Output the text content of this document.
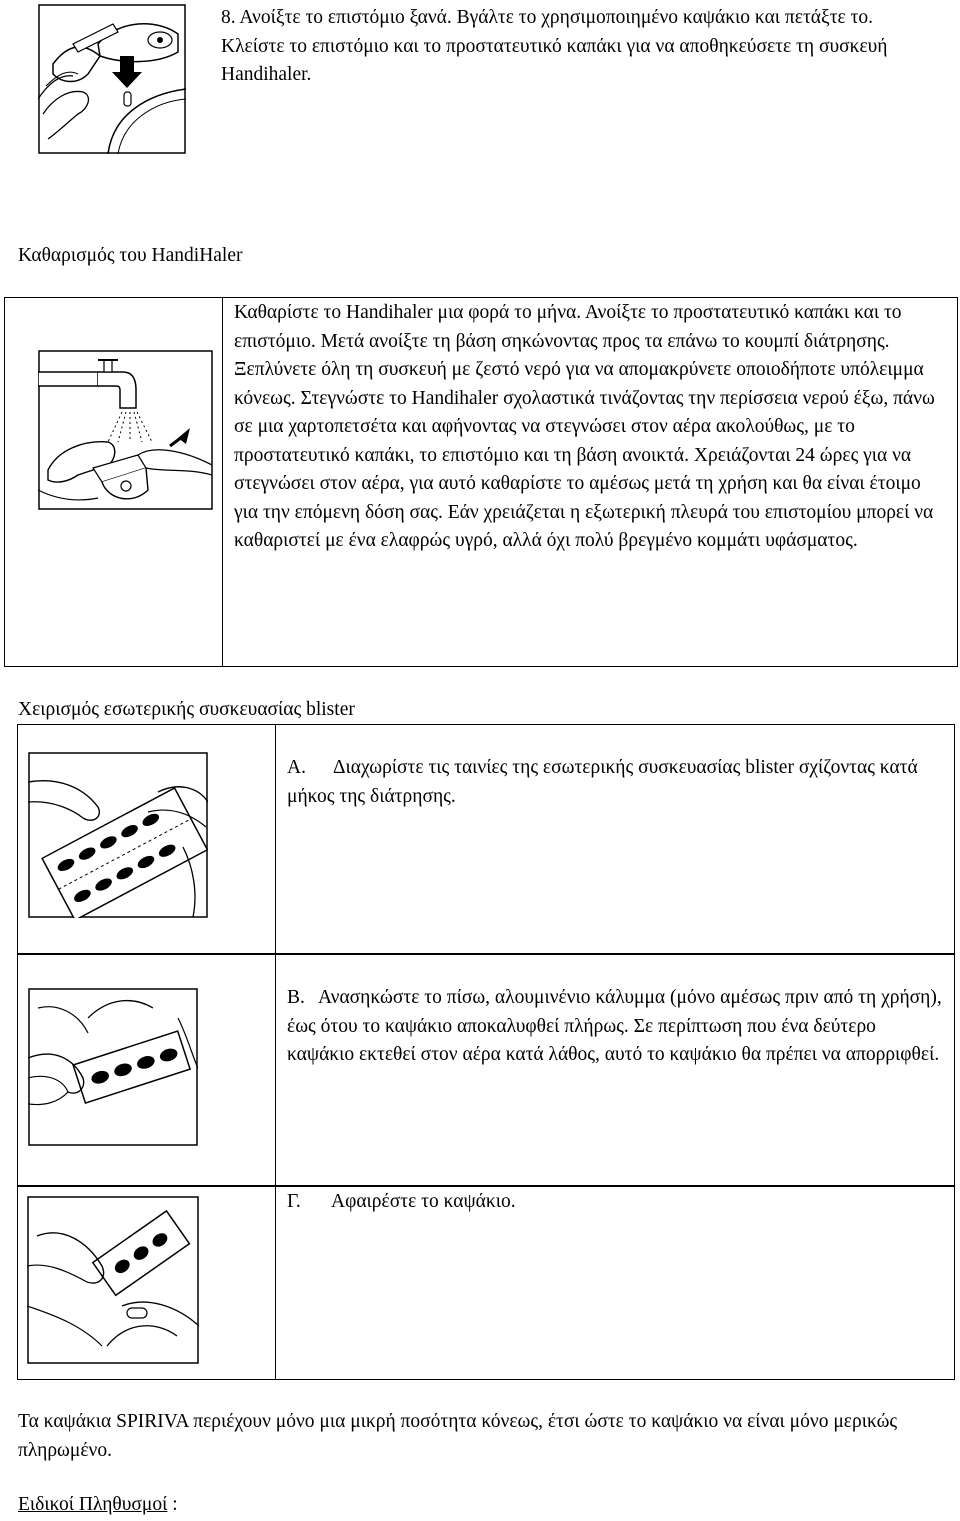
8. Ανοίξτε το επιστόμιο ξανά. Βγάλτε το χρησιμοποιημένο καψάκιο και πετάξτε το. Κλείστε το επιστόμιο και το προστατευτικό καπάκι για να αποθηκεύσετε τη συσκευή Handihaler.
Καθαρισμός του HandiHaler
Καθαρίστε το Handihaler μια φορά το μήνα. Ανοίξτε το προστατευτικό καπάκι και το επιστόμιο. Μετά ανοίξτε τη βάση σηκώνοντας προς τα επάνω το κουμπί διάτρησης. Ξεπλύνετε όλη τη συσκευή με ζεστό νερό για να απομακρύνετε οποιοδήποτε υπόλειμμα κόνεως. Στεγνώστε το Handihaler σχολαστικά τινάζοντας την περίσσεια νερού έξω, πάνω σε μια χαρτοπετσέτα και αφήνοντας να στεγνώσει στον αέρα ακολούθως, με το προστατευτικό καπάκι, το επιστόμιο και τη βάση ανοικτά. Χρειάζονται 24 ώρες για να στεγνώσει στον αέρα, για αυτό καθαρίστε το αμέσως μετά τη χρήση και θα είναι έτοιμο για την επόμενη δόση σας. Εάν χρειάζεται η εξωτερική πλευρά του επιστομίου μπορεί να καθαριστεί με ένα ελαφρώς υγρό, αλλά όχι πολύ βρεγμένο κομμάτι υφάσματος.
Χειρισμός εσωτερικής συσκευασίας blister
Α.	Διαχωρίστε τις ταινίες της εσωτερικής συσκευασίας blister σχίζοντας κατά μήκος της διάτρησης.
B. Ανασηκώστε το πίσω, αλουμινένιο κάλυμμα (μόνο αμέσως πριν από τη χρήση), έως ότου το καψάκιο αποκαλυφθεί πλήρως. Σε περίπτωση που ένα δεύτερο καψάκιο εκτεθεί στον αέρα κατά λάθος, αυτό το καψάκιο θα πρέπει να απορριφθεί.
Γ. Αφαιρέστε το καψάκιο.
Τα καψάκια SPIRIVA περιέχουν μόνο μια μικρή ποσότητα κόνεως, έτσι ώστε το καψάκιο να είναι μόνο μερικώς πληρωμένο.
Ειδικοί Πληθυσμοί :
